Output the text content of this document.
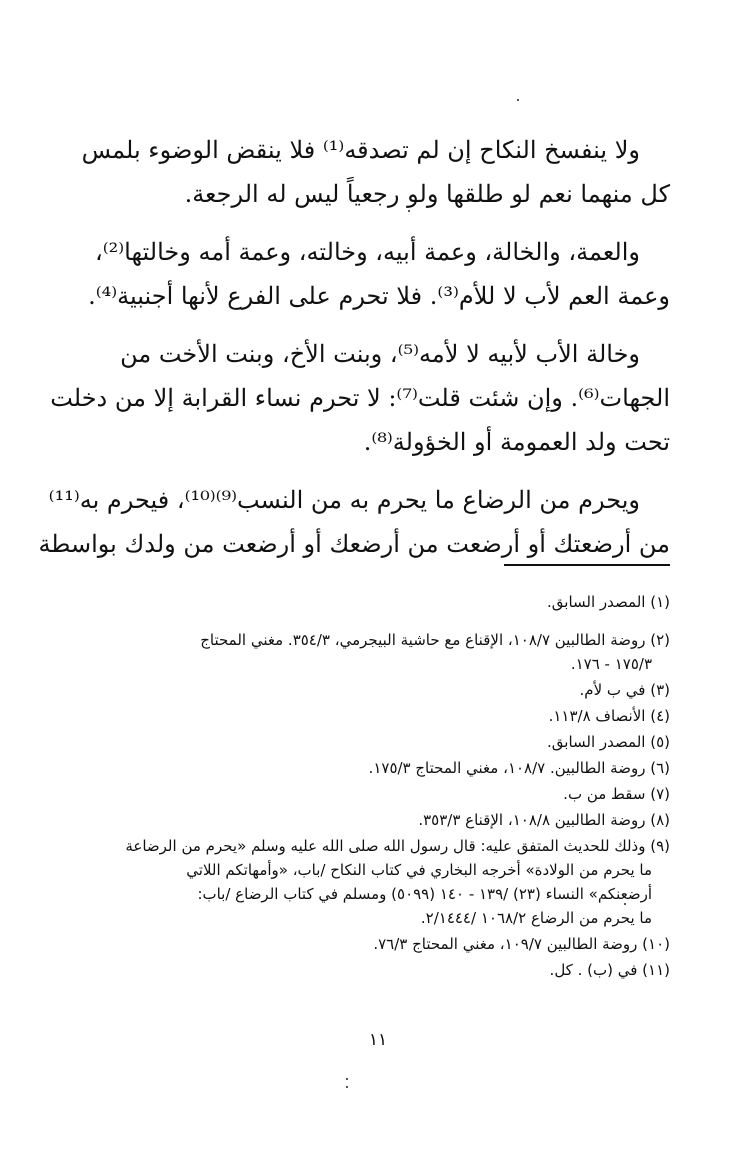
ولا ينفسخ النكاح إن لم تصدقه⁽¹⁾ فلا ينقض الوضوء بلمس
كل منهما نعم لو طلقها ولو رجعياً ليس له الرجعة.

والعمة، والخالة، وعمة أبيه، وخالته، وعمة أمه وخالتها⁽²⁾،
وعمة العم لأب لا للأم⁽³⁾. فلا تحرم على الفرع لأنها أجنبية⁽⁴⁾.

وخالة الأب لأبيه لا لأمه⁽⁵⁾، وبنت الأخ، وبنت الأخت من
الجهات⁽⁶⁾. وإن شئت قلت⁽⁷⁾: لا تحرم نساء القرابة إلا من دخلت
تحت ولد العمومة أو الخؤولة⁽⁸⁾.

ويحرم من الرضاع ما يحرم به من النسب⁽⁹⁾⁽¹⁰⁾، فيحرم به⁽¹¹⁾
من أرضعتك أو أرضعت من أرضعك أو أرضعت من ولدك بواسطة

(١) المصدر السابق.
(٢) روضة الطالبين ١٠٨/٧، الإقناع مع حاشية البيجرمي، ٣٥٤/٣. مغني المحتاج
١٧٥/٣ - ١٧٦.
(٣) في ب لأم.
(٤) الأنصاف ١١٣/٨.
(٥) المصدر السابق.
(٦) روضة الطالبين. ١٠٨/٧، مغني المحتاج ١٧٥/٣.
(٧) سقط من ب.
(٨) روضة الطالبين ١٠٨/٨، الإقناع ٣٥٣/٣.
(٩) وذلك للحديث المتفق عليه: قال رسول الله صلى الله عليه وسلم «يحرم من الرضاعة
ما يحرم من الولادة» أخرجه البخاري في كتاب النكاح /باب، «وأمهاتكم اللاتي
أرضعنكم» النساء (٢٣) /١٣٩ - ١٤٠ (٥٠٩٩) ومسلم في كتاب الرضاع /باب:
ما يحرم من الرضاع ١٠٦٨/٢ /٢/١٤٤٤.
(١٠) روضة الطالبين ١٠٩/٧، مغني المحتاج ٧٦/٣.
(١١) في (ب) . كل.
١١
